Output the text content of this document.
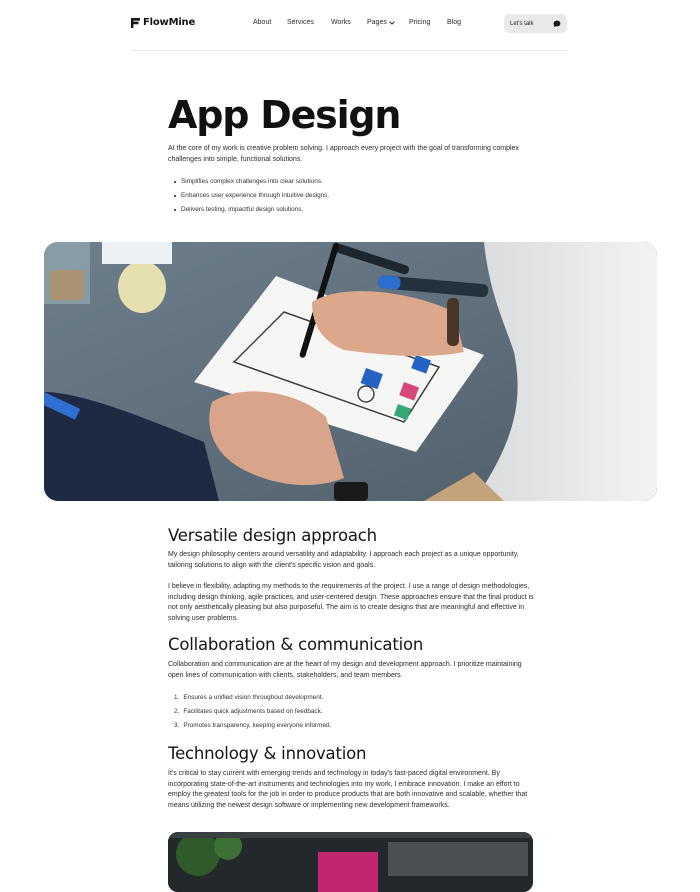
FlowMine	About Services Works Pages	Pricing Blog	Let's talk
App Design

At the core of my work is creative problem solving. I approach every project with the goal of transforming complex challenges into simple, functional solutions.

Simplifies complex challenges into clear solutions.
Enhances user experience through intuitive designs.
Delivers testing, impactful design solutions.
Versatile design approach

My design philosophy centers around versatility and adaptability. I approach each project as a unique opportunity, tailoring solutions to align with the client's specific vision and goals.

I believe in flexibility, adapting my methods to the requirements of the project. I use a range of design methodologies, including design thinking, agile practices, and user-centered design. These approaches ensure that the final product is not only aesthetically pleasing but also purposeful. The aim is to create designs that are meaningful and effective in solving user problems.

Collaboration & communication

Collaboration and communication are at the heart of my design and development approach. I prioritize maintaining open lines of communication with clients, stakeholders, and team members.

1. Ensures a unified vision throughout development.
2. Facilitates quick adjustments based on feedback.
3. Promotes transparency, keeping everyone informed.
Technology & innovation

It's critical to stay current with emerging trends and technology in today's fast-paced digital environment. By incorporating state-of-the-art instruments and technologies into my work, I embrace innovation. I make an effort to employ the greatest tools for the job in order to produce products that are both innovative and scalable, whether that means utilizing the newest design software or implementing new development frameworks.
